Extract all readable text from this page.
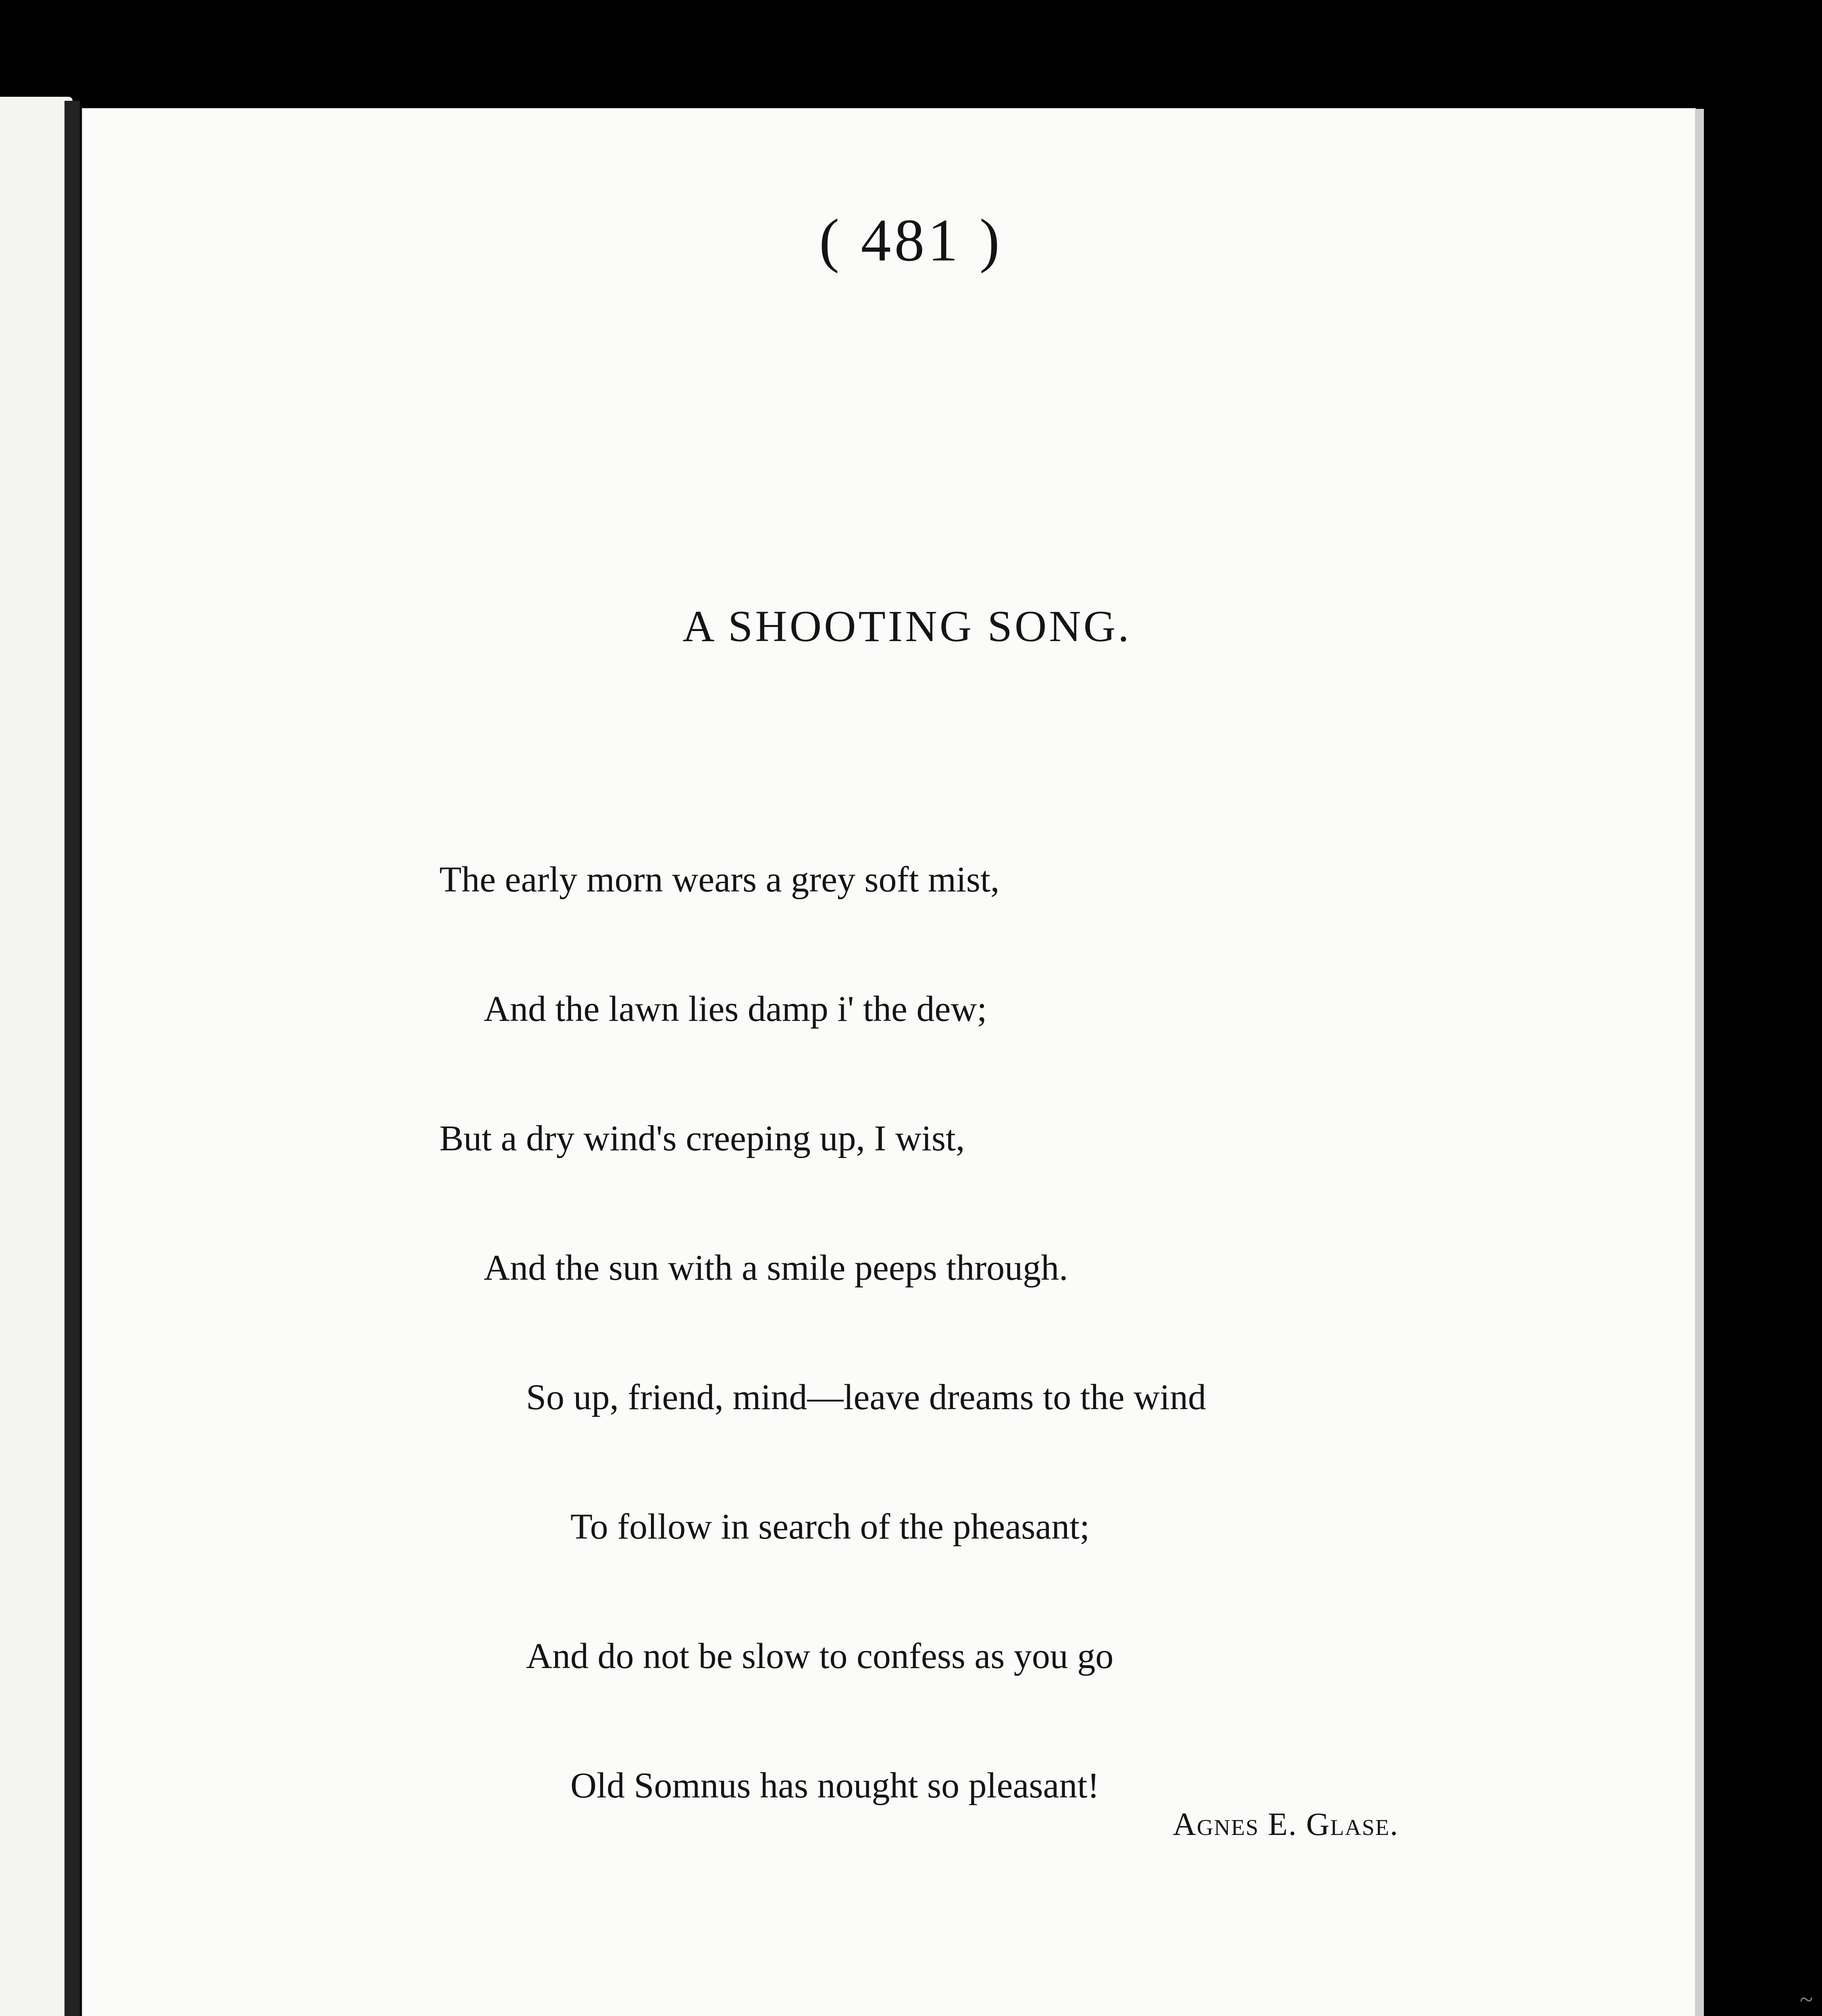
( 481 )
A SHOOTING SONG.

The early morn wears a grey soft mist,

And the lawn lies damp i' the dew;

But a dry wind's creeping up, I wist,

And the sun with a smile peeps through.

So up, friend, mind—leave dreams to the wind

To follow in search of the pheasant;

And do not be slow to confess as you go

Old Somnus has nought so pleasant!

Agnes E. Glase.
~
